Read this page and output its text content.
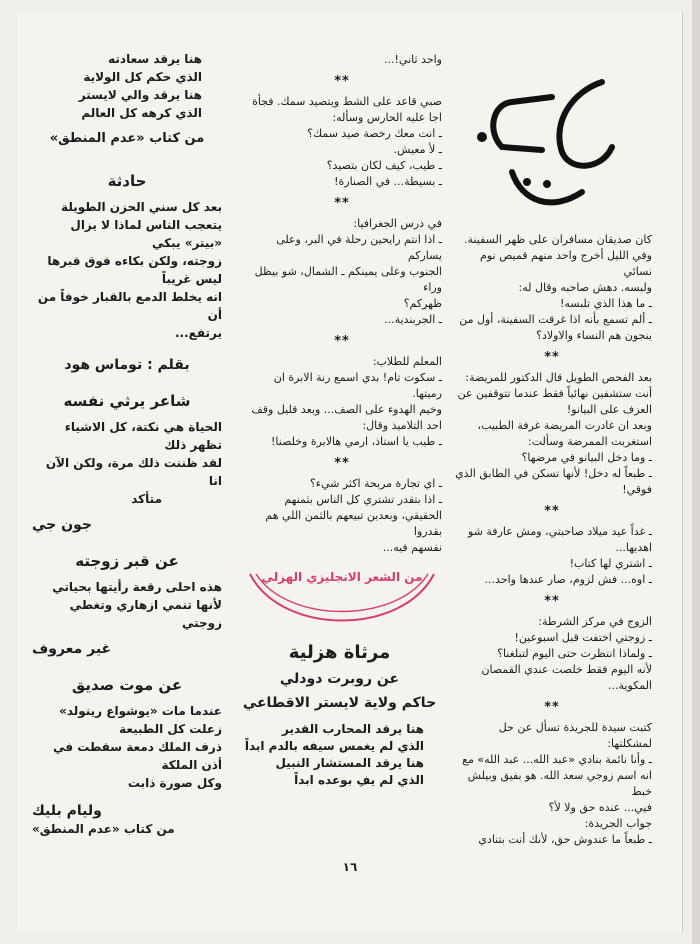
كان صديقان مسافران على ظهر السفينة.

وفي الليل أخرج واحد منهم قميص نوم نسائي

ولبسه. دهش صاحبه وقال له:

ـ ما هذا الذي تلبسه!

ـ ألم تسمع بأنه اذا غرقت السفينة، أول من

ينجون هم النساء والاولاد؟

**

بعد الفحص الطويل قال الدكتور للمريضة:

أنت ستشفين نهائياً فقط عندما تتوقفين عن

العزف على البيانو!

وبعد ان غادرت المريضة غرفة الطبيب،

استغربت الممرضة وسألت:

ـ وما دخل البيانو في مرضها؟

ـ طبعاً له دخل! لأنها تسكن في الطابق الذي

فوقي!

**

ـ غداً عيد ميلاد صاحبتي، ومش عارفة شو

اهديها...

ـ اشتري لها كتاب!

ـ اوه... فش لزوم، صار عندها واحد...

**

الزوج في مركز الشرطة:

ـ زوجتي اختفت قبل اسبوعين!

ـ ولماذا انتظرت حتى اليوم لتبلغنا؟

لأنه اليوم فقط خلصت عندي القمصان

المكوية...

**

كتبت سيدة للجريدة تسأل عن حل

لمشكلتها:

ـ وأنا نائمة بنادي «عبد الله... عبد الله» مع

انه اسم زوجي سعد الله. هو بفيق وبيلش خبط

فيي... عنده حق ولا لأ؟

جواب الجريدة:

ـ طبعاً ما عندوش حق، لأنك أنت بتنادي

واحد ثاني!...

**

صبي قاعد على الشط ويتصيد سمك. فجأة

اجا عليه الحارس وسأله:

ـ انت معك رخصة صيد سمك؟

ـ لأ معيش.

ـ طيب، كيف لكان بتصيد؟

ـ بسيطة... في الصنارة!

**

في درس الجغرافيا:

ـ اذا انتم رايحين رحلة في البر، وعلى يساركم

الجنوب وعلى يمينكم ـ الشمال، شو بيظل وراء

ظهركم؟

ـ الجربندية...

**

المعلم للطلاب:

ـ سكوت تام! بدي اسمع رنة الابرة ان

رميتها.

وخيم الهدوء على الصف... وبعد قليل وقف

احد التلاميذ وقال:

ـ طيب يا استاذ، ارمي هالابرة وخلصنا!

**

ـ اي تجارة مربحة اكثر شيء؟

ـ اذا بتقدر تشتري كل الناس بثمنهم

الحقيقي، وبعدين تبيعهم بالثمن اللي هم بقدروا

نفسهم فيه...

من الشعر الانجليزي الهزلي
مرثاة هزلية
عن روبرت دودلي
حاكم ولاية لايستر الاقطاعي

هنا يرقد المحارب القدير

الذي لم يغمس سيفه بالدم ابداً

هنا يرقد المستشار النبيل

الذي لم يفِ بوعده ابداً

هنا يرقد سعادته

الذي حكم كل الولاية

هنا يرقد والي لايستر

الذي كرهه كل العالم

من كتاب «عدم المنطق»
حادثة

بعد كل سني الحزن الطويلة

يتعجب الناس لماذا لا يزال «بيتر» يبكي

زوجته، ولكن بكاءه فوق قبرها ليس غريباً

انه يخلط الدمع بالقبار خوفاً من أن

يرتفع...

بقلم : توماس هود
شاعر يرثي نفسه

الحياة هي نكتة، كل الاشياء تظهر ذلك

لقد ظننت ذلك مرة، ولكن الآن انا

متأكد

جون جي
عن قبر زوجته

هذه احلى رقعة رأيتها بحياتي

لأنها تنمي ازهاري وتغطي زوجتي

غير معروف
عن موت صديق

عندما مات «يوشواع رينولد»

زعلت كل الطبيعة

ذرف الملك دمعة سقطت في أذن الملكة

وكل صورة ذابت

وليام بليك
من كتاب «عدم المنطق»
١٦
